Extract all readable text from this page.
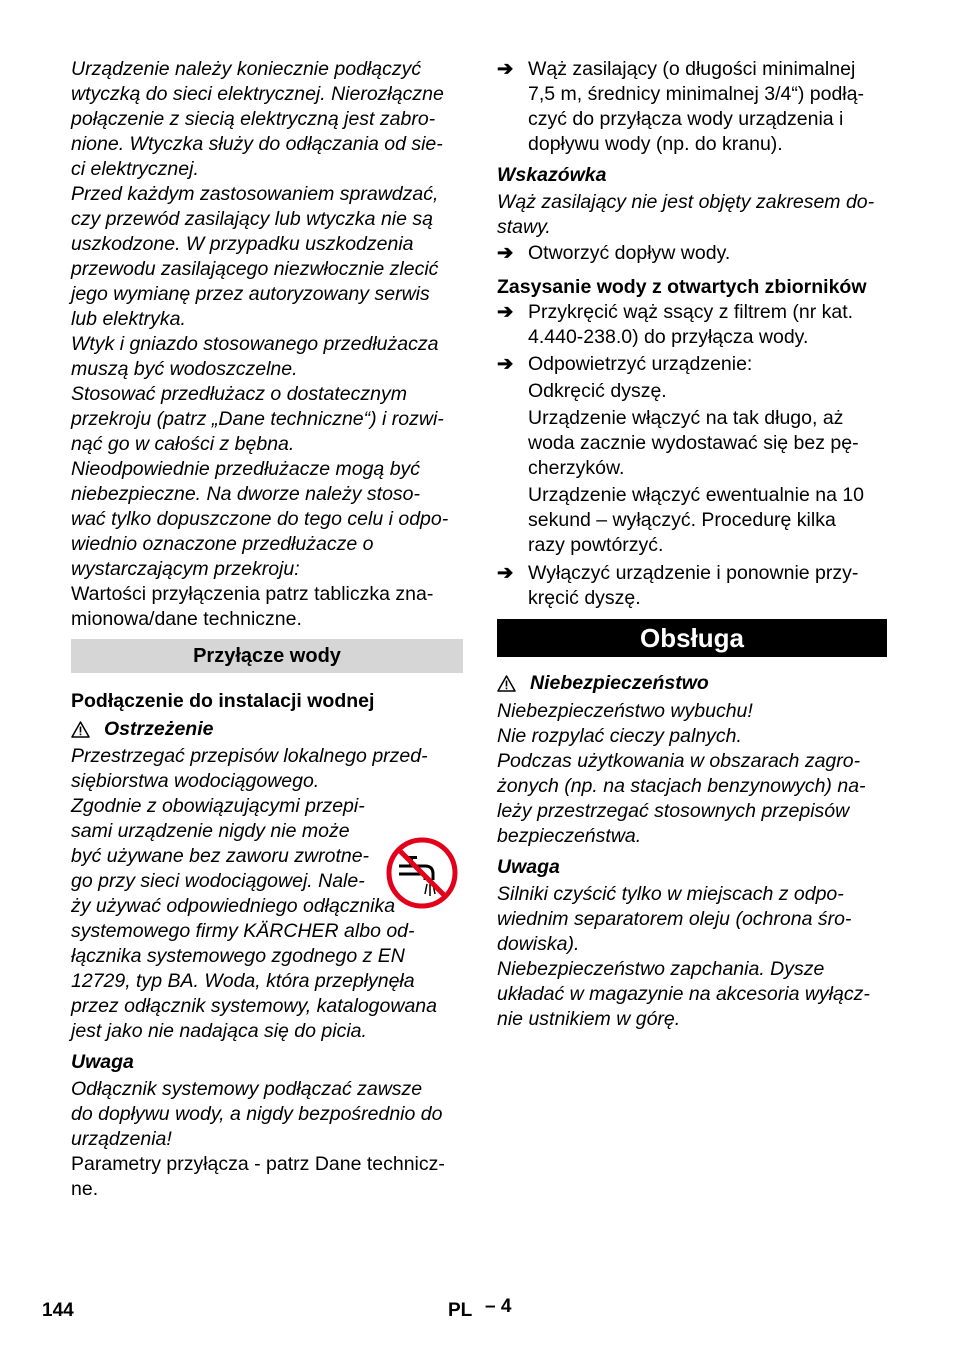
Urządzenie należy koniecznie podłączyć
wtyczką do sieci elektrycznej. Nierozłączne
połączenie z siecią elektryczną jest zabro-
nione. Wtyczka służy do odłączania od sie-
ci elektrycznej.
Przed każdym zastosowaniem sprawdzać,
czy przewód zasilający lub wtyczka nie są
uszkodzone. W przypadku uszkodzenia
przewodu zasilającego niezwłocznie zlecić
jego wymianę przez autoryzowany serwis
lub elektryka.
Wtyk i gniazdo stosowanego przedłużacza
muszą być wodoszczelne.
Stosować przedłużacz o dostatecznym
przekroju (patrz „Dane techniczne“) i rozwi-
nąć go w całości z bębna.
Nieodpowiednie przedłużacze mogą być
niebezpieczne. Na dworze należy stoso-
wać tylko dopuszczone do tego celu i odpo-
wiednio oznaczone przedłużacze o
wystarczającym przekroju:
Wartości przyłączenia patrz tabliczka zna-
mionowa/dane techniczne.
Przyłącze wody
Podłączenie do instalacji wodnej
Ostrzeżenie
Przestrzegać przepisów lokalnego przed-
siębiorstwa wodociągowego.
Zgodnie z obowiązującymi przepi-
sami urządzenie nigdy nie może
być używane bez zaworu zwrotne-
go przy sieci wodociągowej. Nale-
ży używać odpowiedniego odłącznika
systemowego firmy KÄRCHER albo od-
łącznika systemowego zgodnego z EN
12729, typ BA. Woda, która przepłynęła
przez odłącznik systemowy, katalogowana
jest jako nie nadająca się do picia.
Uwaga
Odłącznik systemowy podłączać zawsze
do dopływu wody, a nigdy bezpośrednio do
urządzenia!
Parametry przyłącza - patrz Dane technicz-
ne.
➔ Wąż zasilający (o długości minimalnej
7,5 m, średnicy minimalnej 3/4“) podłą-
czyć do przyłącza wody urządzenia i
dopływu wody (np. do kranu).
Wskazówka
Wąż zasilający nie jest objęty zakresem do-
stawy.
➔ Otworzyć dopływ wody.
Zasysanie wody z otwartych zbiorników
➔ Przykręcić wąż ssący z filtrem (nr kat.
4.440-238.0) do przyłącza wody.
➔ Odpowietrzyć urządzenie:
Odkręcić dyszę.
Urządzenie włączyć na tak długo, aż
woda zacznie wydostawać się bez pę-
cherzyków.
Urządzenie włączyć ewentualnie na 10
sekund – wyłączyć. Procedurę kilka
razy powtórzyć.
➔ Wyłączyć urządzenie i ponownie przy-
kręcić dyszę.
Obsługa
Niebezpieczeństwo
Niebezpieczeństwo wybuchu!
Nie rozpylać cieczy palnych.
Podczas użytkowania w obszarach zagro-
żonych (np. na stacjach benzynowych) na-
leży przestrzegać stosownych przepisów
bezpieczeństwa.
Uwaga
Silniki czyścić tylko w miejscach z odpo-
wiednim separatorem oleju (ochrona śro-
dowiska).
Niebezpieczeństwo zapchania. Dysze
układać w magazynie na akcesoria wyłącz-
nie ustnikiem w górę.
144	PL – 4
